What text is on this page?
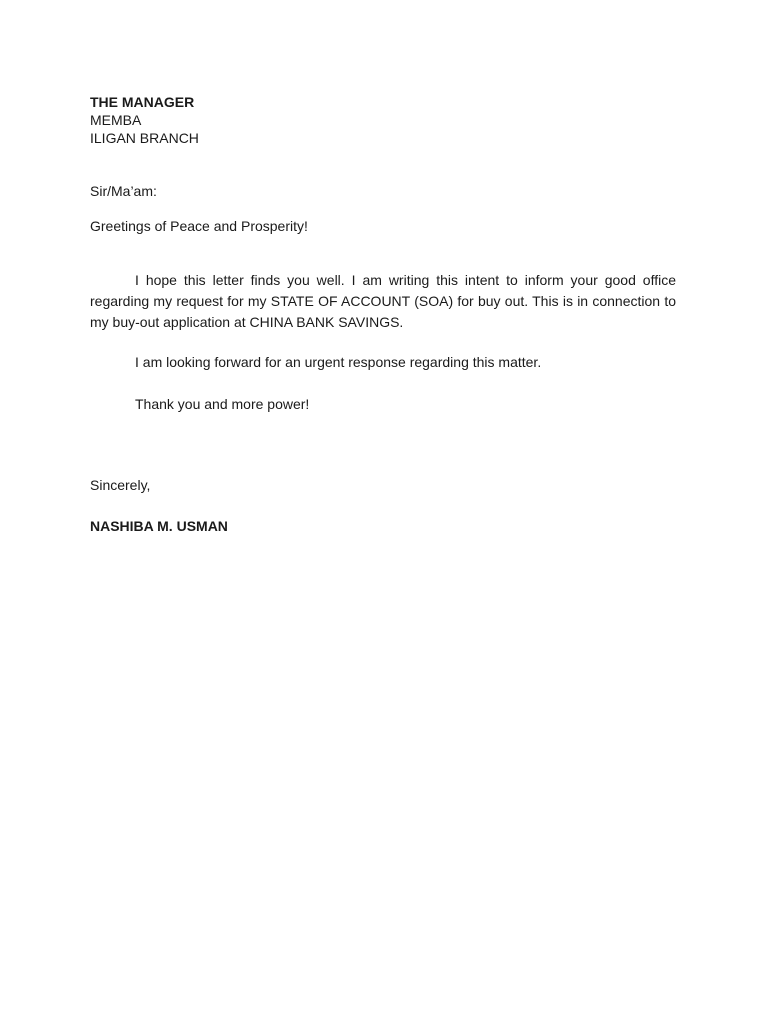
THE MANAGER
MEMBA
ILIGAN BRANCH
Sir/Ma’am:
Greetings of Peace and Prosperity!
I hope this letter finds you well. I am writing this intent to inform your good office regarding my request for my STATE OF ACCOUNT (SOA) for buy out. This is in connection to my buy-out application at CHINA BANK SAVINGS.
I am looking forward for an urgent response regarding this matter.
Thank you and more power!
Sincerely,
NASHIBA M. USMAN
